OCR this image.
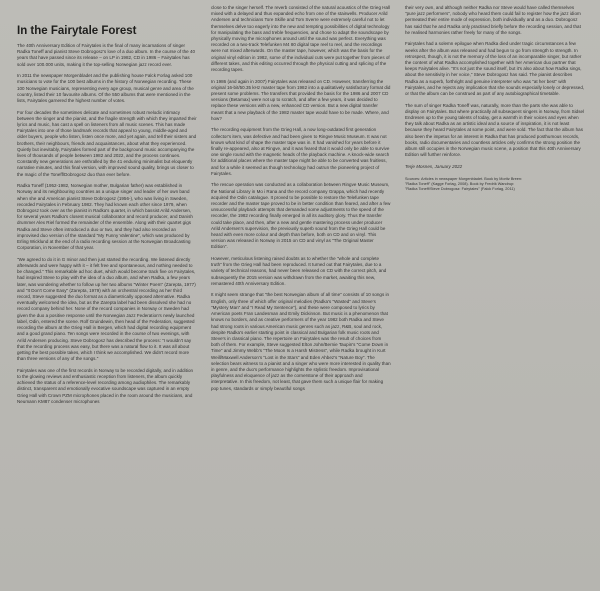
In the Fairytale Forest

The 40th Anniversary Edition of Fairytales is the final of many incarnations of singer Radka Toneff and pianist Steve Dobrogosz's love of a duo album. In the course of the 40 years that have passed since its release – on LP in 1982, CD in 1986 – Fairytales has sold over 100.000 units, making it the top-selling Norwegian jazz record ever.

In 2011 the newspaper Morgenbladet and the publishing house Falck Forlag asked 100 musicians to vote for the 100 best albums in the history of Norwegian recording. These 100 Norwegian musicians, representing every age group, musical genre and area of the country, listed their 10 favourite albums. Of the 550 albums that were mentioned in the lists, Fairytales garnered the highest number of votes.

For four decades the sometimes delicate and sometimes robust melodic intimacy between the singer and the pianist, and the fragile strength with which they imparted their lyrics and music, has cast a spell on listeners from all music scenes. This has made Fairytales into one of those landmark records that appeal to young, middle-aged and older buyers, people who listen, listen once more, and yet again, and tell their sisters and brothers, their neighbours, friends and acquaintances, about what they experienced. Quietly but inevitably, Fairytales formed part of the background music accompanying the lives of thousands of people between 1982 and 2022, and the process continues. Constantly new generations are enthralled by the 41 enduring minimalist but eloquently narrative minutes, and this final version, with improved sound quality, brings us closer to the magic of the Toneff/Dobrogosz duo than ever before.

Radka Toneff (1952-1982, Norwegian mother, Bulgarian father) was established in Norway and its neighbouring countries as a unique singer and leader of her own band when she and American pianist Steve Dobrogosz (1956-), who was living in Sweden, recorded Fairytales in February 1982. They had known each other since 1979, when Dobrogosz took over as the pianist in Radka's quartet, in which bassist Arild Andersen, for several years Radka's closest musical collaborator and record producer, and Danish drummer Alex Riel formed the remainder of the ensemble. Along with their quartet gigs Radka and Steve often introduced a duo or two, and they had also recorded an improvised duo version of the standard "My Funny Valentine", which was produced by Erling Wicklund at the end of a radio recording session at the Norwegian Broadcasting Corporation, in November of that year.

"We agreed to do it in G minor and then just started the recording. We listened directly afterwards and were happy with it – it felt free and spontaneous, and nothing needed to be changed." This remarkable ad hoc duet, which would become track five on Fairytales, had inspired Steve to play with the idea of a duo album, and when Radka, a few years later, was wondering whether to follow up her two albums "Winter Poem" (Zarepta, 1977) and "It Don't Come Easy" (Zarepta, 1979) with an orchestral recording as her third record, Steve suggested the duo format as a diametrically opposed alternative. Radka eventually welcomed the idea, but as the Zarepta label had been dissolved she had no record company behind her. None of the record companies in Norway or Sweden had given the duo a positive response until the Norwegian Jazz Federation's newly launched label, Odin, entered the scene. Rolf Gruindewin, then head of the Federation, suggested recording the album at the Grieg Hall in Bergen, which had digital recording equipment and a good grand piano. Ten songs were recorded in the course of two evenings, with Arild Andersen producing. Steve Dobrogosz has described the process: "I wouldn't say that the recording process was easy, but there was a natural flow to it. It was all about getting the best possible takes, which I think we accomplished. We didn't record more than three versions of any of the songs."

Fairytales was one of the first records in Norway to be recorded digitally, and in addition to the glowing reviews and enthusiastic reception from listeners, the album quickly achieved the status of a reference-level recording among audiophiles. The remarkably distinct, transparent and emotionally evocative soundscape was captured in an empty Grieg Hall with Crown PZM microphones placed in the room around the musicians, and Neumann KM87 condenser microphones

close to the singer herself. The reverb consisted of the natural acoustics of the Grieg Hall mixed with a delayed and thus expanded echo from one of the stairwells. Producer Arild Andersen and technicians Tore Skille and Tom Sverre were extremely careful not to let themselves delve too eagerly into the new and tempting possibilities of digital technology for manipulating the bass and treble frequencies, and chose to adapt the soundscape by physically moving the microphones around until the sound was perfect. Everything was recorded on a two-track Telefunken M4 80 digital tape reel to reel, and the recordings were not mixed afterwards. On the master tape, however, which was the basis for the original vinyl edition in 1982, some of the individual cuts were put together from pieces of different takes, and this editing occurred through the physical cutting and splicing of the recording tapes.

In 1986 (and again in 2007) Fairytales was released on CD. However, transferring the original 16-bit/50.35 kHz master tape from 1982 into a qualitatively satisfactory format did present some problems. The transfers that provided the basis for the 1986 and 2007 CD versions (Betamax) were not up to scratch, and after a few years, it was decided to replace these versions with a new, enhanced CD version. But a new digital transfer meant that a new playback of the 1982 master tape would have to be made. Where, and how?

The recording equipment from the Grieg Hall, a now long-outdated first generation collector's item, was defective and had been given to Ringve Music Museum. It was not known what kind of shape the master tape was in. It had vanished for years before it finally re-appeared, also at Ringve, and it was feared that it would only be able to survive one single round with the magnetic heads of the playback machine. A knock-wide search for additional places where the master tape might be able to be converted was fruitless, and for a while it seemed as though technology had outrun the pioneering project of Fairytales.

The rescue operation was conducted as a collaboration between Ringve Music Museum, the National Library in Mo i Rana and the record company Grappa, which had recently acquired the Odin catalogue. It proved to be possible to restore the Telefunken tape recorder and the master tape proved to be in better condition than feared, and after a few unsuccessful playback attempts that demanded some adjustments to the speed of the recorder, the 1982 recording finally emerged in all its auditory glory. Thus the transfer could take place, and then, after a new and gentle mastering process under producer Arild Andersen's supervision, the previously superb sound from the Grieg Hall could be heard with even more colour and depth than before, both on CD and on vinyl. This version was released in Norway in 2015 on CD and vinyl as "The Original Master Edition".

However, meticulous listening raised doubts as to whether the "whole and complete truth" from the Grieg Hall had been reproduced. It turned out that Fairytales, due to a variety of technical reasons, had never been released on CD with the correct pitch, and subsequently the 2015 version was withdrawn from the market, awaiting this new, remastered 40th Anniversary Edition.

It might seem strange that "the best Norwegian album of all time" consists of 10 songs in English, only three of which offer original melodies (Radka's "Wasted" and Steve's "Mystery Man" and "I Read My Sentence"), and these were composed to lyrics by American poets Fran Landesman and Emily Dickinson. But music is a phenomenon that knows no borders, and as creative performers of the year 1982 both Radka and Steve had strong roots in various American music genres such as jazz, R&B, soul and rock, despite Radka's earlier starting point in classical and Bulgarian folk music roots and Steve's in classical piano. The repertoire on Fairytales was the result of choices from both of them. For example, Steve suggested Elton John/Bernie Taupin's "Come Down in Time" and Jimmy Webb's "The Moon Is a Harsh Mistress", while Radka brought in Kurt Weill/Maxwell Anderson's "Lost in the Stars" and Eden Ahbez's "Nature Boy". The selection bears witness to a pianist and a singer who were more interested in quality than in genre, and the duo's performance highlights the stylistic freedom. Improvisational playfulness and eloquence of jazz as the cornerstone of their approach and interpretative. In this freedom, not least, that gave them such a unique flair for making pop tunes, standards or simply beautiful songs

their very own, and although neither Radka nor Steve would have called themselves "pure jazz performers", nobody who heard them could fail to register how the jazz idiom permeated their entire mode of expression, both individually and as a duo. Dobrogosz has said that he and Radka only practised briefly before the recording session, and that he realised harmonies rather freely for many of the songs.

Fairytales had a solemn epilogue when Radka died under tragic circumstances a few weeks after the album was released and had begun to go from strength to strength. In retrospect, though, it is not the memory of the loss of an incomparable singer, but rather the content of what Radka accomplished together with her American duo partner that keeps Fairytales alive. "It's not just the sound itself, but it's also about how Radka sings, about the sensitivity in her voice," Steve Dobrogosz has said. The pianist describes Radka as a superb, forthright and genuine interpreter who was "at her best" with Fairytales, and he rejects any implication that she sounds especially lonely or depressed, or that the album can be construed as part of any autobiographical timetable.

The sum of singer Radka Toneff was, naturally, more than the parts she was able to display on Fairytales. But where practically all subsequent singers in Norway, from Sidsel Endresen up to the young talents of today, get a warmth in their voices and eyes when they talk about Radka as an artistic ideal and a source of inspiration, it is not least because they heard Fairytales at some point, and were sold. The fact that the album has also been the impetus for an interest in Radka that has produced posthumous records, books, radio documentaries and countless articles only confirms the strong position the album still occupies in the Norwegian music scene, a position that this 40th Anniversary Edition will further reinforce.

Terje Mosnes, January 2022

Sources: Articles in newspaper Morgenbladet. Book by Moritz Breen:
"Radka Toneff" (Kagge Forlag, 2008). Book by Fredrik Wandrup:
"Radka Toneff/Steve Dobrogosz: Fairytales" (Falck Forlag, 2011)
